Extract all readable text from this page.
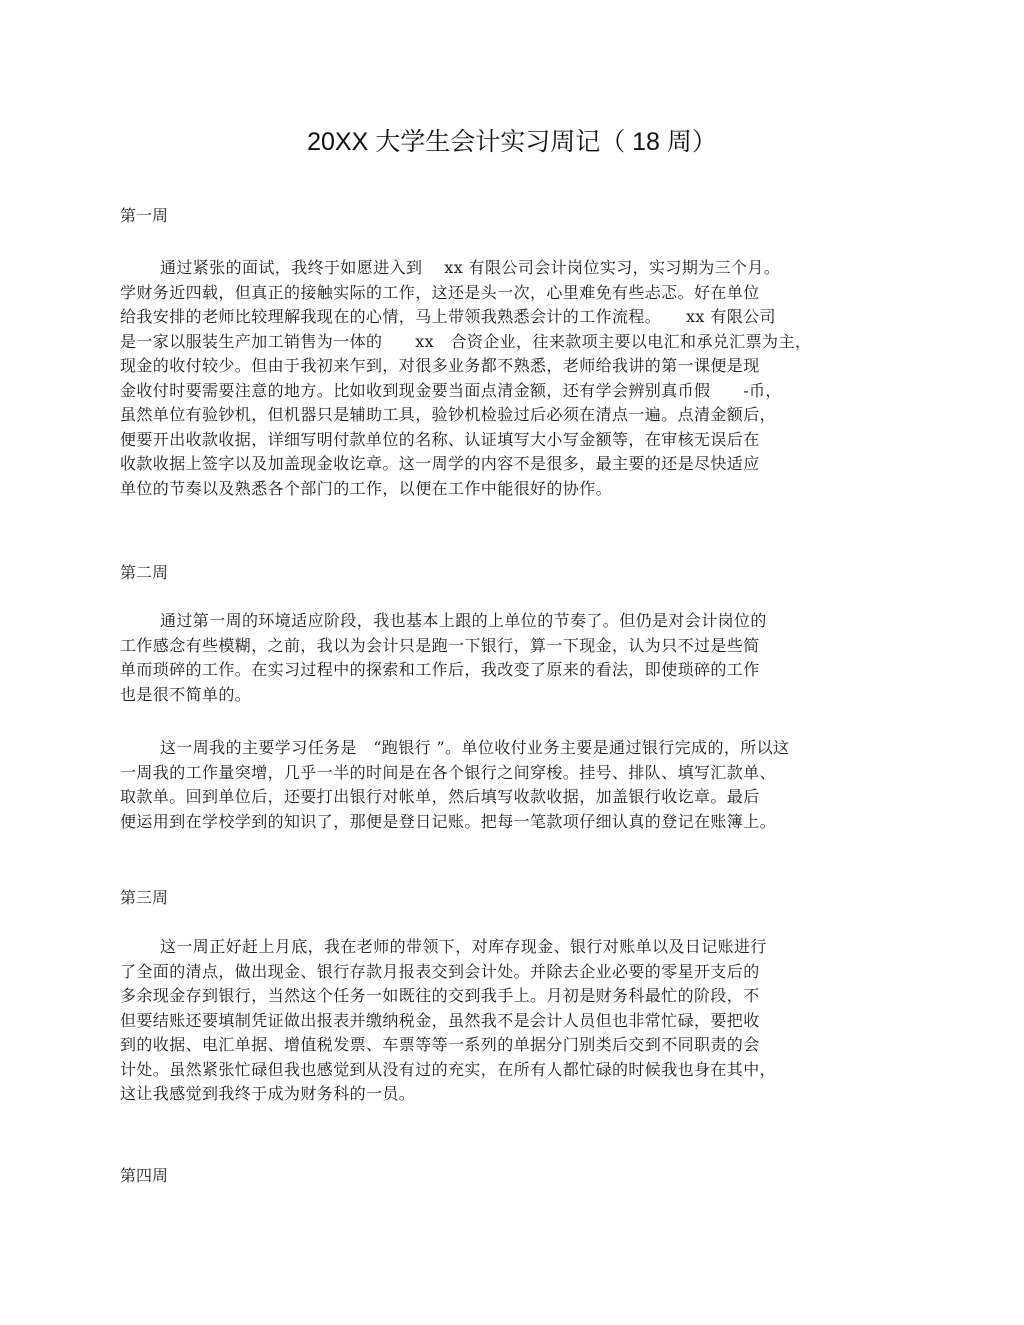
20XX 大学生会计实习周记（ 18 周）
第一周
通过紧张的面试，我终于如愿进入到　 xx 有限公司会计岗位实习，实习期为三个月。
学财务近四载，但真正的接触实际的工作，这还是头一次，心里难免有些忐忑。好在单位
给我安排的老师比较理解我现在的心情，马上带领我熟悉会计的工作流程。　　xx 有限公司
是一家以服装生产加工销售为一体的　　xx　合资企业，往来款项主要以电汇和承兑汇票为主，
现金的收付较少。但由于我初来乍到，对很多业务都不熟悉，老师给我讲的第一课便是现
金收付时要需要注意的地方。比如收到现金要当面点清金额，还有学会辨别真币假　　-币，
虽然单位有验钞机，但机器只是辅助工具，验钞机检验过后必须在清点一遍。点清金额后，
便要开出收款收据，详细写明付款单位的名称、认证填写大小写金额等，在审核无误后在
收款收据上签字以及加盖现金收讫章。这一周学的内容不是很多，最主要的还是尽快适应
单位的节奏以及熟悉各个部门的工作，以便在工作中能很好的协作。
第二周
通过第一周的环境适应阶段，我也基本上跟的上单位的节奏了。但仍是对会计岗位的
工作感念有些模糊，之前，我以为会计只是跑一下银行，算一下现金，认为只不过是些简
单而琐碎的工作。在实习过程中的探索和工作后，我改变了原来的看法，即使琐碎的工作
也是很不简单的。
这一周我的主要学习任务是　“跑银行 ”。单位收付业务主要是通过银行完成的，所以这
一周我的工作量突增，几乎一半的时间是在各个银行之间穿梭。挂号、排队、填写汇款单、
取款单。回到单位后，还要打出银行对帐单，然后填写收款收据，加盖银行收讫章。最后
便运用到在学校学到的知识了，那便是登日记账。把每一笔款项仔细认真的登记在账簿上。
第三周
这一周正好赶上月底，我在老师的带领下，对库存现金、银行对账单以及日记账进行
了全面的清点，做出现金、银行存款月报表交到会计处。并除去企业必要的零星开支后的
多余现金存到银行，当然这个任务一如既往的交到我手上。月初是财务科最忙的阶段，不
但要结账还要填制凭证做出报表并缴纳税金，虽然我不是会计人员但也非常忙碌，要把收
到的收据、电汇单据、增值税发票、车票等等一系列的单据分门别类后交到不同职责的会
计处。虽然紧张忙碌但我也感觉到从没有过的充实，在所有人都忙碌的时候我也身在其中，
这让我感觉到我终于成为财务科的一员。
第四周
